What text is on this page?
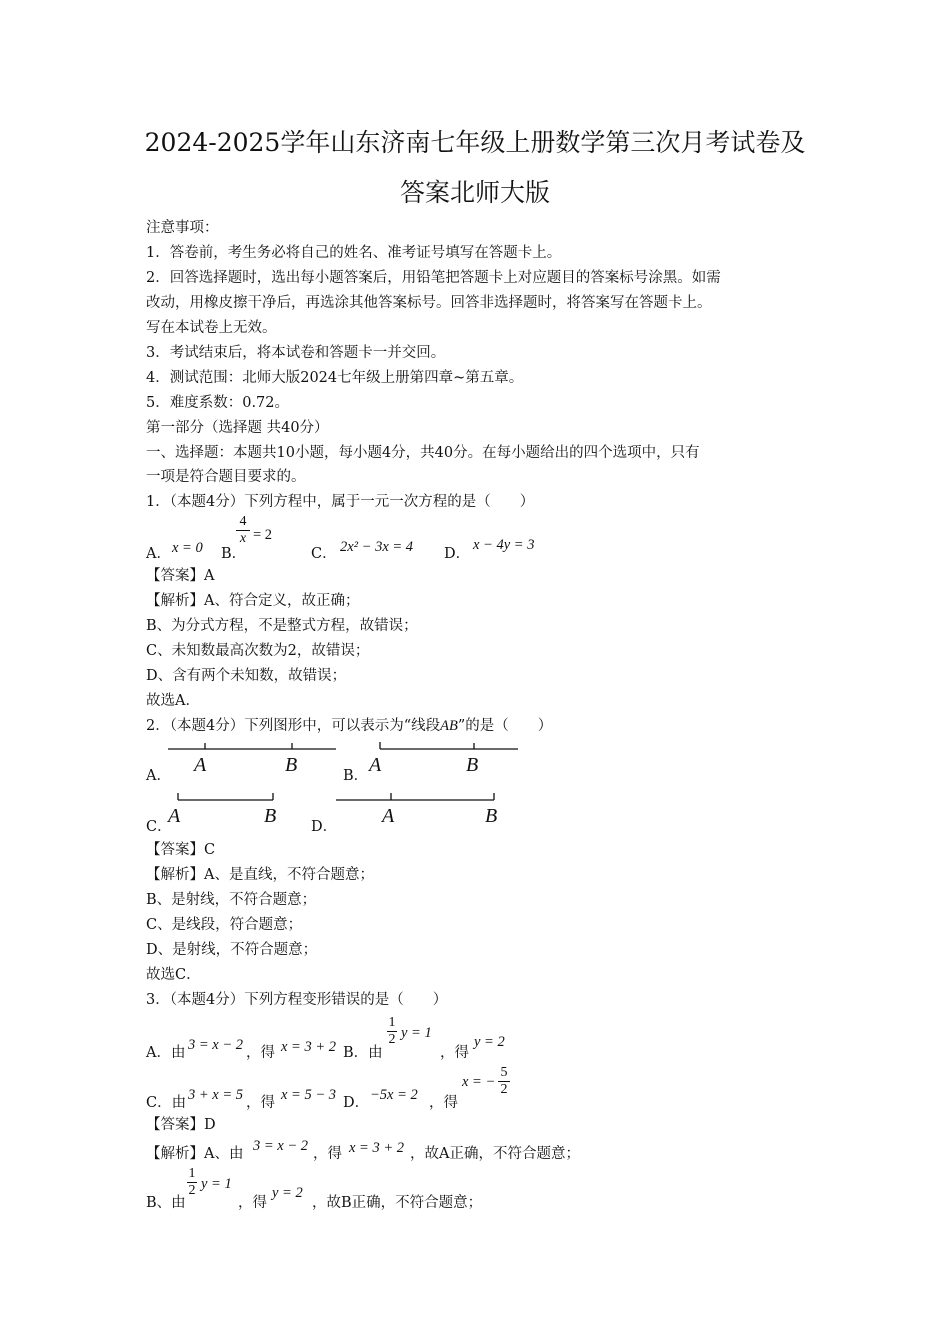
2024-2025学年山东济南七年级上册数学第三次月考试卷及
答案北师大版
注意事项：
1．答卷前，考生务必将自己的姓名、准考证号填写在答题卡上。
2．回答选择题时，选出每小题答案后，用铅笔把答题卡上对应题目的答案标号涂黑。如需
改动，用橡皮擦干净后，再选涂其他答案标号。回答非选择题时，将答案写在答题卡上。
写在本试卷上无效。
3．考试结束后，将本试卷和答题卡一并交回。
4．测试范围：北师大版2024七年级上册第四章~第五章。
5．难度系数：0.72。
第一部分（选择题 共40分）
一、选择题：本题共10小题，每小题4分，共40分。在每小题给出的四个选项中，只有
一项是符合题目要求的。
1．（本题4分）下列方程中，属于一元一次方程的是（　　）
A． x = 0 B．
4
x = 2
C． 2x² − 3x = 4 D．
x − 4y = 3
【答案】A
【解析】A、符合定义，故正确；
B、为分式方程，不是整式方程，故错误；
C、未知数最高次数为2，故错误；
D、含有两个未知数，故错误；
故选A．
2．（本题4分）下列图形中，可以表示为“线段AB”的是（　　）
A．	B．
C．	D．
A	B	A	B
A	B	A	B
【答案】C
【解析】A、是直线，不符合题意；
B、是射线，不符合题意；
C、是线段，符合题意；
D、是射线，不符合题意；
故选C．
3．（本题4分）下列方程变形错误的是（　　）
A．由 3 = x − 2 ，得 x = 3 + 2 B．由
1
2 y = 1
，得
y = 2
C．由 3 + x = 5 ，得 x = 5 − 3 D． −5x = 2 ，得
x = −
5
2
【答案】D
【解析】A、由 3 = x − 2 ，得 x = 3 + 2 ，故A正确，不符合题意；
B、由
1
2 y = 1
，得
y = 2
，故B正确，不符合题意；
